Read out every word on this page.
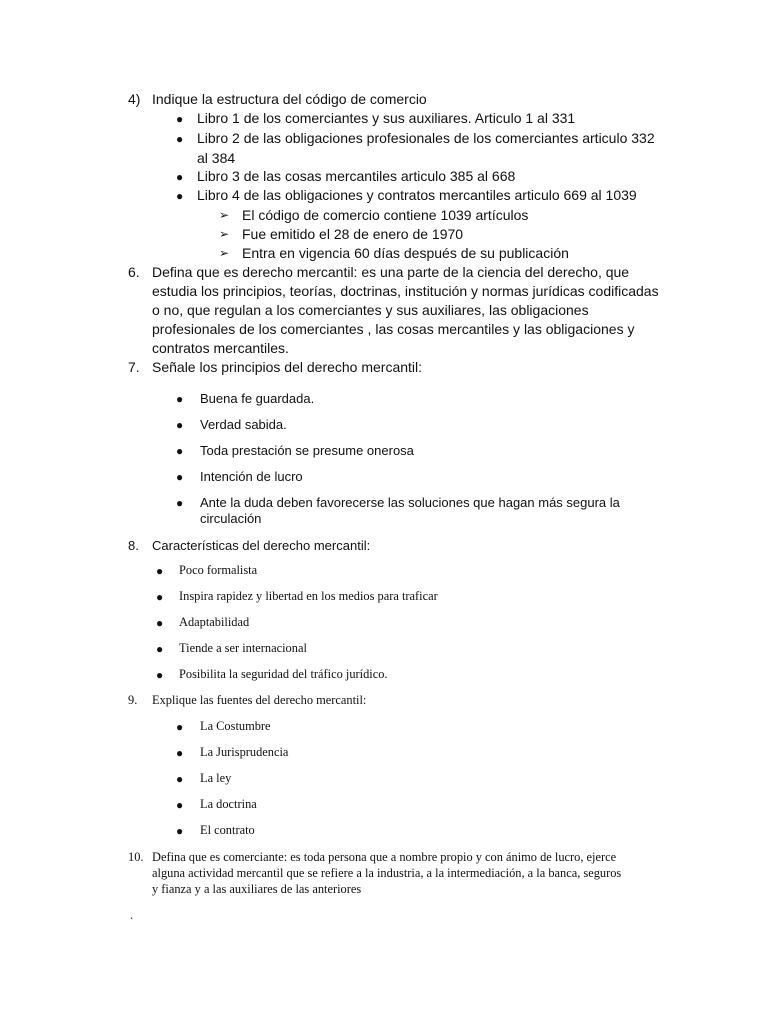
4) Indique la estructura del código de comercio
● Libro 1 de los comerciantes y sus auxiliares. Articulo 1 al 331
● Libro 2 de las obligaciones profesionales de los comerciantes articulo 332
al 384
● Libro 3 de las cosas mercantiles articulo 385 al 668
● Libro 4 de las obligaciones y contratos mercantiles articulo 669 al 1039
➢ El código de comercio contiene 1039 artículos
➢ Fue emitido el 28 de enero de 1970
➢ Entra en vigencia 60 días después de su publicación
6. Defina que es derecho mercantil: es una parte de la ciencia del derecho, que
estudia los principios, teorías, doctrinas, institución y normas jurídicas codificadas
o no, que regulan a los comerciantes y sus auxiliares, las obligaciones
profesionales de los comerciantes , las cosas mercantiles y las obligaciones y
contratos mercantiles.
7. Señale los principios del derecho mercantil:
● Buena fe guardada.
● Verdad sabida.
● Toda prestación se presume onerosa
● Intención de lucro
● Ante la duda deben favorecerse las soluciones que hagan más segura la
circulación
8. Características del derecho mercantil:
● Poco formalista
● Inspira rapidez y libertad en los medios para traficar
● Adaptabilidad
● Tiende a ser internacional
● Posibilita la seguridad del tráfico jurídico.
9. Explique las fuentes del derecho mercantil:
● La Costumbre
● La Jurisprudencia
● La ley
● La doctrina
● El contrato
10. Defina que es comerciante: es toda persona que a nombre propio y con ánimo de lucro, ejerce
alguna actividad mercantil que se refiere a la industria, a la intermediación, a la banca, seguros
y fianza y a las auxiliares de las anteriores
.
